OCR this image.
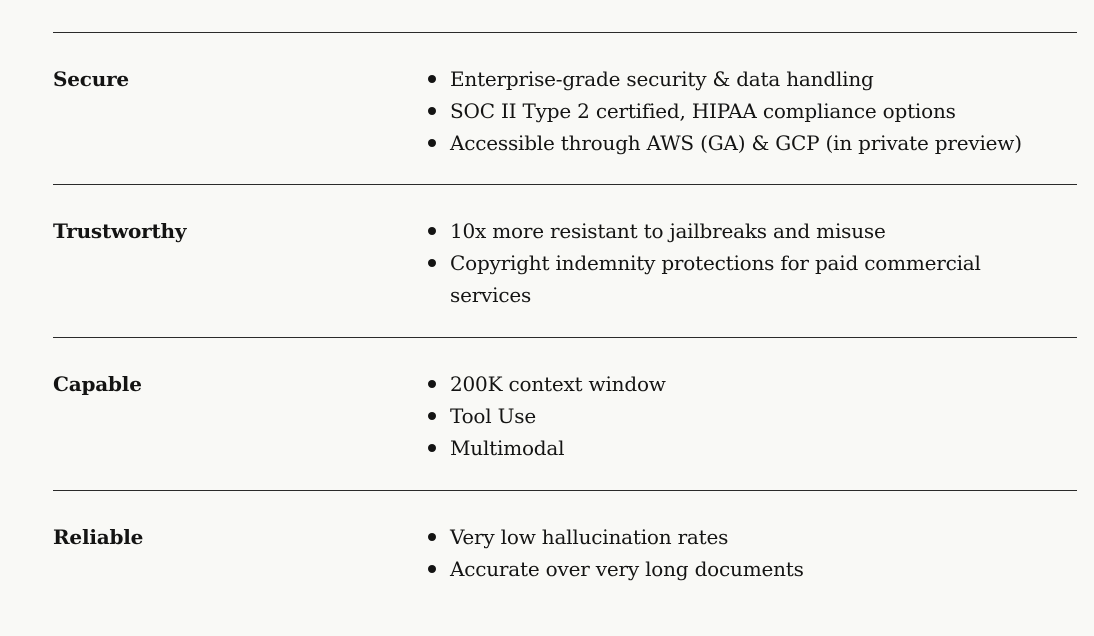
Secure	Enterprise-grade security & data handling
SOC II Type 2 certified, HIPAA compliance options
Accessible through AWS (GA) & GCP (in private preview)
Trustworthy	10x more resistant to jailbreaks and misuse
Copyright indemnity protections for paid commercial services
Capable	200K context window
Tool Use
Multimodal
Reliable	Very low hallucination rates
Accurate over very long documents
